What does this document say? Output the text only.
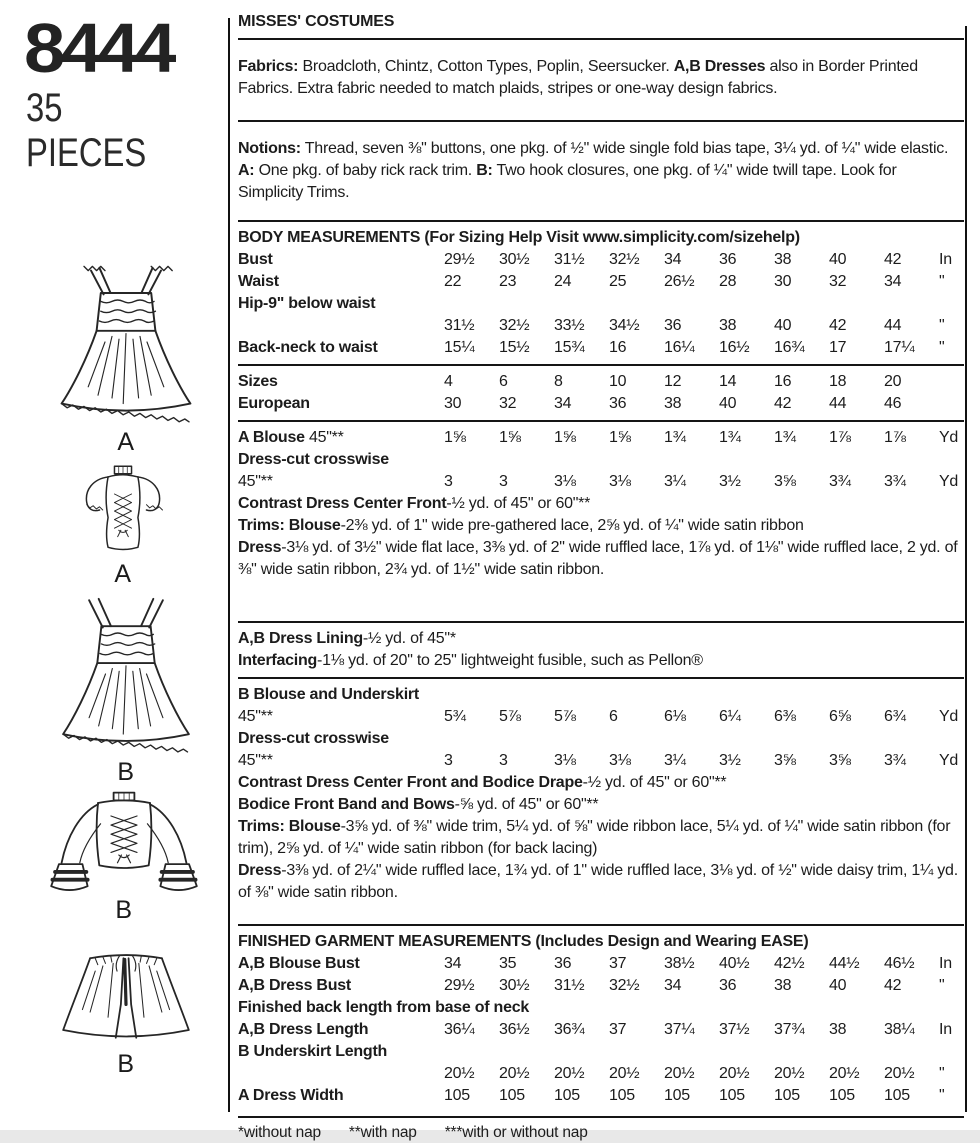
8444
35 PIECES
A
A
B
B
B
MISSES' COSTUMES

Fabrics: Broadcloth, Chintz, Cotton Types, Poplin, Seersucker. A,B Dresses also in Border Printed Fabrics. Extra fabric needed to match plaids, stripes or one-way design fabrics.

Notions: Thread, seven ⅜" buttons, one pkg. of ½" wide single fold bias tape, 3¼ yd. of ¼" wide elastic. A: One pkg. of baby rick rack trim. B: Two hook closures, one pkg. of ¼" wide twill tape. Look for Simplicity Trims.

BODY MEASUREMENTS (For Sizing Help Visit www.simplicity.com/sizehelp)
Bust	29½	30½	31½	32½	34	36	38	40	42	In
Waist	22	23	24	25	26½	28	30	32	34	"
Hip-9" below waist
31½	32½	33½	34½	36	38	40	42	44	"
Back-neck to waist	15¼	15½	15¾	16	16¼	16½	16¾	17	17¼	"
Sizes	4	6	8	10	12	14	16	18	20
European	30	32	34	36	38	40	42	44	46
A Blouse 45"**	1⅝	1⅝	1⅝	1⅝	1¾	1¾	1¾	1⅞	1⅞	Yd
Dress-cut crosswise
45"**	3	3	3⅛	3⅛	3¼	3½	3⅝	3¾	3¾	Yd
Contrast Dress Center Front-½ yd. of 45" or 60"**
Trims: Blouse-2⅜ yd. of 1" wide pre-gathered lace, 2⅝ yd. of ¼" wide satin ribbon
Dress-3⅛ yd. of 3½" wide flat lace, 3⅜ yd. of 2" wide ruffled lace, 1⅞ yd. of 1⅛" wide ruffled lace, 2 yd. of ⅜" wide satin ribbon, 2¾ yd. of 1½" wide satin ribbon.
A,B Dress Lining-½ yd. of 45"*
Interfacing-1⅛ yd. of 20" to 25" lightweight fusible, such as Pellon®
B Blouse and Underskirt
45"**	5¾	5⅞	5⅞	6	6⅛	6¼	6⅜	6⅝	6¾	Yd
Dress-cut crosswise
45"**	3	3	3⅛	3⅛	3¼	3½	3⅝	3⅝	3¾	Yd
Contrast Dress Center Front and Bodice Drape-½ yd. of 45" or 60"**
Bodice Front Band and Bows-⅝ yd. of 45" or 60"**
Trims: Blouse-3⅝ yd. of ⅜" wide trim, 5¼ yd. of ⅝" wide ribbon lace, 5¼ yd. of ¼" wide satin ribbon (for trim), 2⅝ yd. of ¼" wide satin ribbon (for back lacing)
Dress-3⅜ yd. of 2¼" wide ruffled lace, 1¾ yd. of 1" wide ruffled lace, 3⅛ yd. of ½" wide daisy trim, 1¼ yd. of ⅜" wide satin ribbon.
FINISHED GARMENT MEASUREMENTS (Includes Design and Wearing EASE)
A,B Blouse Bust	34	35	36	37	38½	40½	42½	44½	46½	In
A,B Dress Bust	29½	30½	31½	32½	34	36	38	40	42	"
Finished back length from base of neck
A,B Dress Length	36¼	36½	36¾	37	37¼	37½	37¾	38	38¼	In
B Underskirt Length
20½	20½	20½	20½	20½	20½	20½	20½	20½	"
A Dress Width	105	105	105	105	105	105	105	105	105	"
*without nap **with nap ***with or without nap
